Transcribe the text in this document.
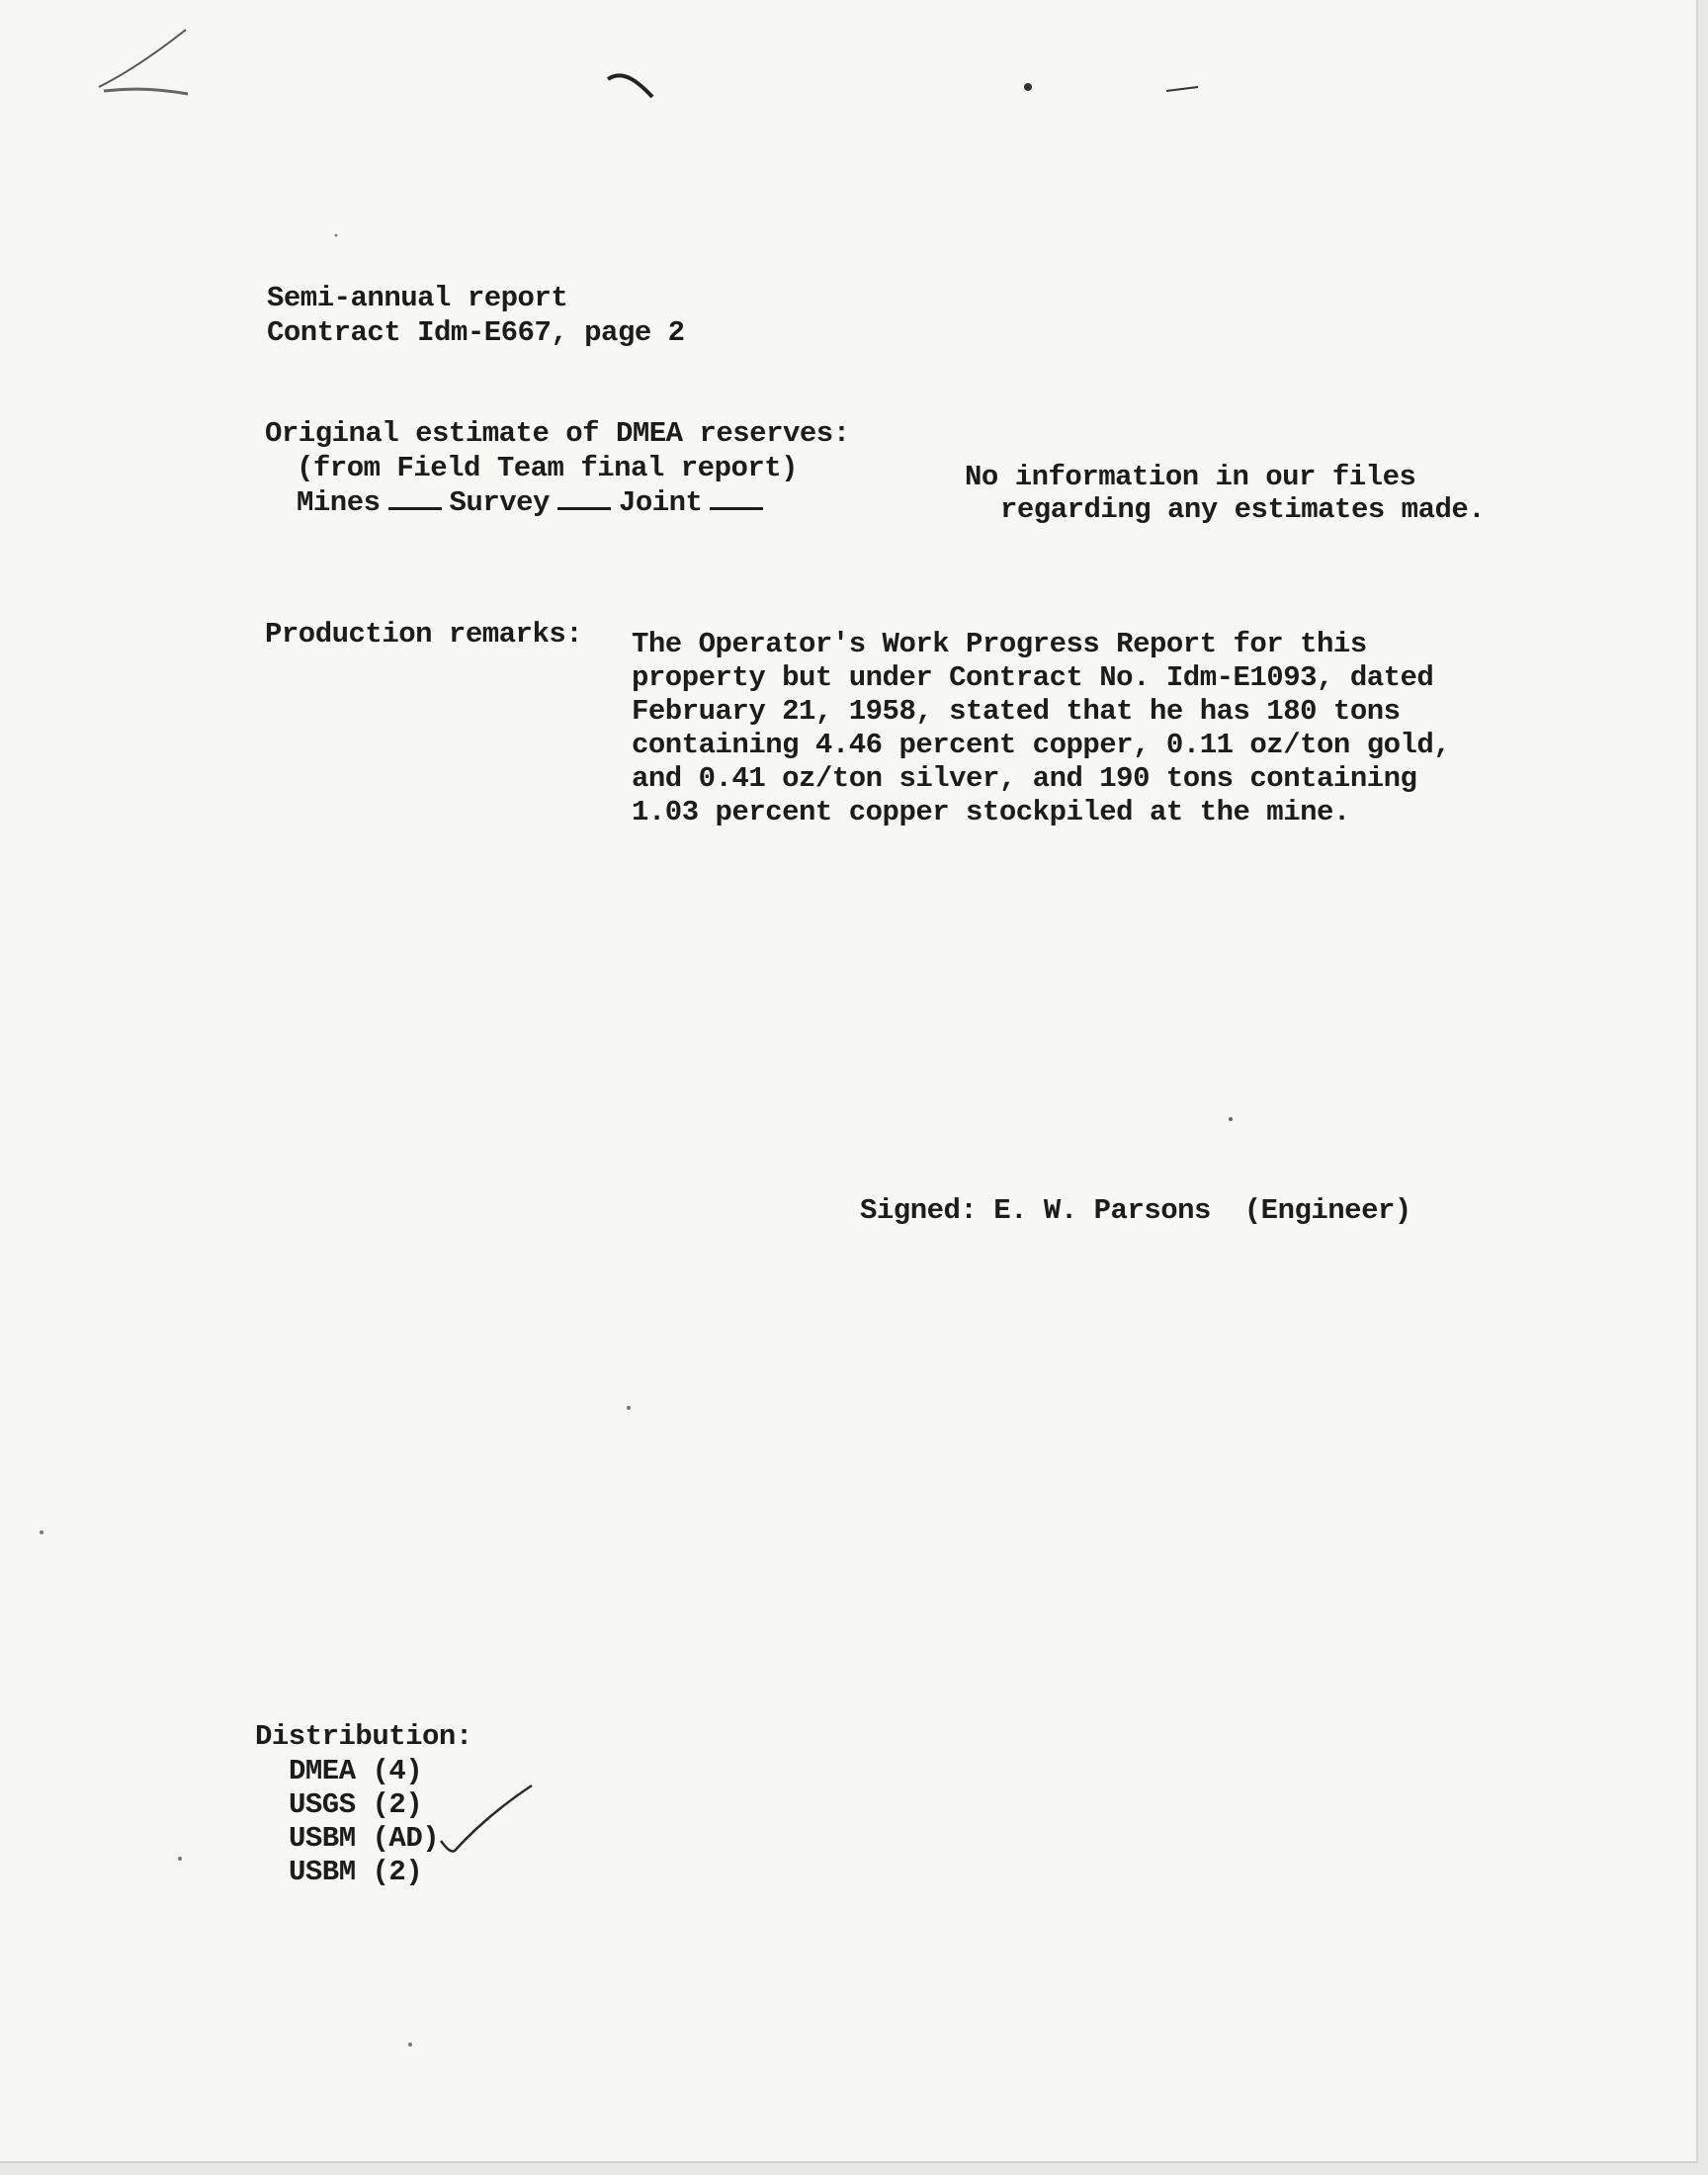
Semi-annual report
Contract Idm-E667, page 2
Original estimate of DMEA reserves:
(from Field Team final report)
Mines Survey Joint
No information in our files
regarding any estimates made.
Production remarks: The Operator's Work Progress Report for this
property but under Contract No. Idm-E1093, dated
February 21, 1958, stated that he has 180 tons
containing 4.46 percent copper, 0.11 oz/ton gold,
and 0.41 oz/ton silver, and 190 tons containing
1.03 percent copper stockpiled at the mine.
Signed: E. W. Parsons  (Engineer)
Distribution:
DMEA (4)
USGS (2)
USBM (AD)
USBM (2)
